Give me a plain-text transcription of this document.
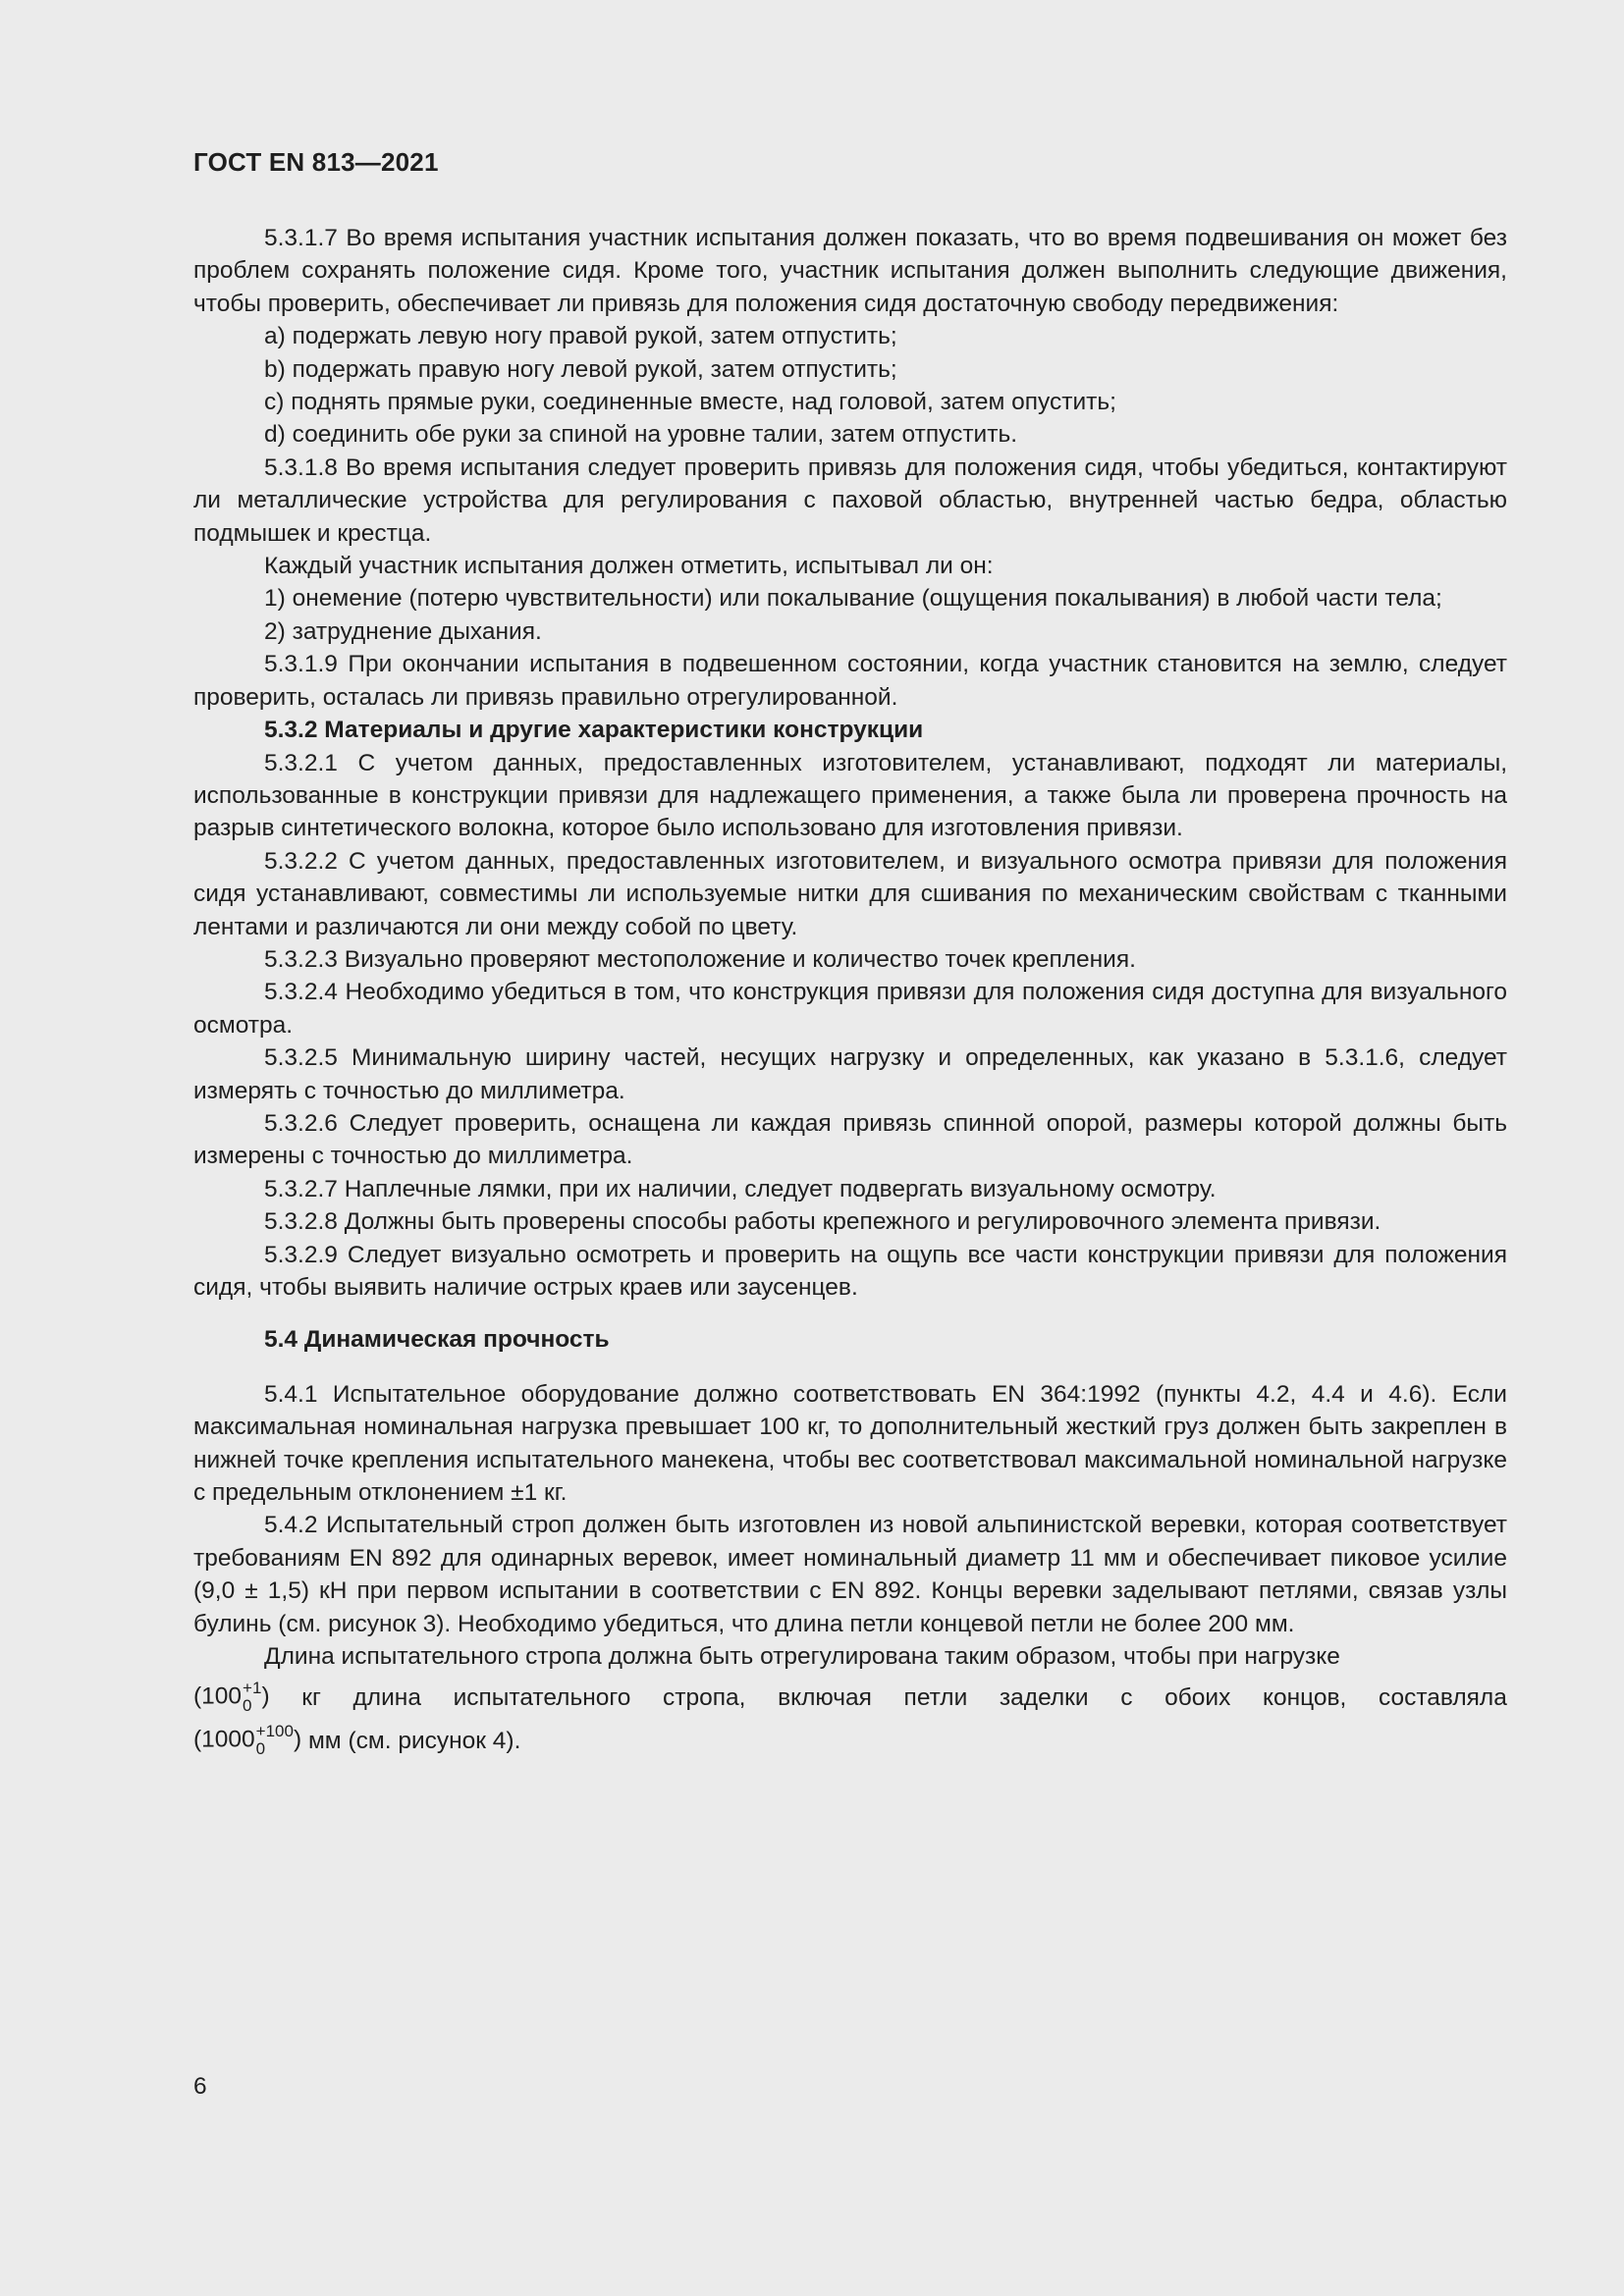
ГОСТ EN 813—2021

5.3.1.7 Во время испытания участник испытания должен показать, что во время подвешивания он может без проблем сохранять положение сидя. Кроме того, участник испытания должен выполнить следующие движения, чтобы проверить, обеспечивает ли привязь для положения сидя достаточную свободу передвижения:

a) подержать левую ногу правой рукой, затем отпустить;

b) подержать правую ногу левой рукой, затем отпустить;

c) поднять прямые руки, соединенные вместе, над головой, затем опустить;

d) соединить обе руки за спиной на уровне талии, затем отпустить.

5.3.1.8 Во время испытания следует проверить привязь для положения сидя, чтобы убедиться, контактируют ли металлические устройства для регулирования с паховой областью, внутренней частью бедра, областью подмышек и крестца.

Каждый участник испытания должен отметить, испытывал ли он:

1) онемение (потерю чувствительности) или покалывание (ощущения покалывания) в любой части тела;

2) затруднение дыхания.

5.3.1.9 При окончании испытания в подвешенном состоянии, когда участник становится на землю, следует проверить, осталась ли привязь правильно отрегулированной.

5.3.2 Материалы и другие характеристики конструкции

5.3.2.1 С учетом данных, предоставленных изготовителем, устанавливают, подходят ли материалы, использованные в конструкции привязи для надлежащего применения, а также была ли проверена прочность на разрыв синтетического волокна, которое было использовано для изготовления привязи.

5.3.2.2 С учетом данных, предоставленных изготовителем, и визуального осмотра привязи для положения сидя устанавливают, совместимы ли используемые нитки для сшивания по механическим свойствам с тканными лентами и различаются ли они между собой по цвету.

5.3.2.3 Визуально проверяют местоположение и количество точек крепления.

5.3.2.4 Необходимо убедиться в том, что конструкция привязи для положения сидя доступна для визуального осмотра.

5.3.2.5 Минимальную ширину частей, несущих нагрузку и определенных, как указано в 5.3.1.6, следует измерять с точностью до миллиметра.

5.3.2.6 Следует проверить, оснащена ли каждая привязь спинной опорой, размеры которой должны быть измерены с точностью до миллиметра.

5.3.2.7 Наплечные лямки, при их наличии, следует подвергать визуальному осмотру.

5.3.2.8 Должны быть проверены способы работы крепежного и регулировочного элемента привязи.

5.3.2.9 Следует визуально осмотреть и проверить на ощупь все части конструкции привязи для положения сидя, чтобы выявить наличие острых краев или заусенцев.

5.4 Динамическая прочность

5.4.1 Испытательное оборудование должно соответствовать EN 364:1992 (пункты 4.2, 4.4 и 4.6). Если максимальная номинальная нагрузка превышает 100 кг, то дополнительный жесткий груз должен быть закреплен в нижней точке крепления испытательного манекена, чтобы вес соответствовал максимальной номинальной нагрузке с предельным отклонением ±1 кг.

5.4.2 Испытательный строп должен быть изготовлен из новой альпинистской веревки, которая соответствует требованиям EN 892 для одинарных веревок, имеет номинальный диаметр 11 мм и обеспечивает пиковое усилие (9,0 ± 1,5) кН при первом испытании в соответствии с EN 892. Концы веревки заделывают петлями, связав узлы булинь (см. рисунок 3). Необходимо убедиться, что длина петли концевой петли не более 200 мм.

Длина испытательного стропа должна быть отрегулирована таким образом, чтобы при нагрузке

(100 +1
0 ) кг длина испытательного стропа, включая петли заделки с обоих концов, составляла
(1000 +100
0	)
мм (см. рисунок 4).
6
